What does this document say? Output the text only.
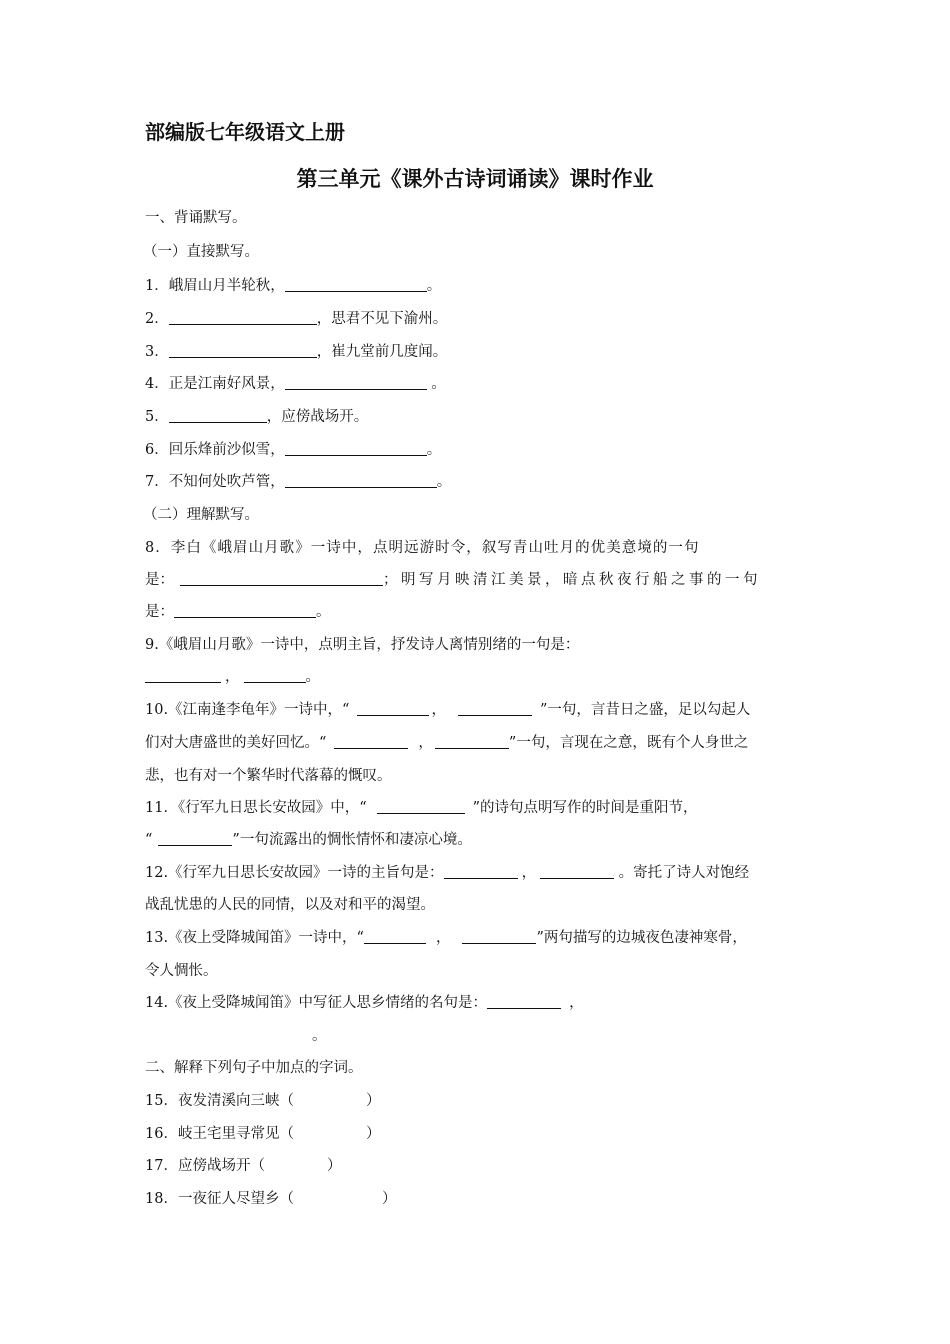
部编版七年级语文上册
第三单元《课外古诗词诵读》课时作业
一、背诵默写。
（一）直接默写。
1．峨眉山月半轮秋，	。
2．	，思君不见下渝州。
3．	，崔九堂前几度闻。
4．正是江南好风景，	。
5．	，应傍战场开。
6．回乐烽前沙似雪，	。
7．不知何处吹芦管，	。
（二）理解默写。
8．李白《峨眉山月歌》一诗中，点明远游时令，叙写青山吐月的优美意境的一句
是：	；明写月映清江美景，暗点秋夜行船之事的一句
是：	。
9.《峨眉山月歌》一诗中，点明主旨，抒发诗人离情别绪的一句是：
，	。
10.《江南逢李龟年》一诗中，“	，	”一句，言昔日之盛，足以勾起人
们对大唐盛世的美好回忆。“	，	”一句，言现在之意，既有个人身世之
悲，也有对一个繁华时代落幕的慨叹。
11．《行军九日思长安故园》中，“	”的诗句点明写作的时间是重阳节，
“	”一句流露出的惆怅情怀和凄凉心境。
12.《行军九日思长安故园》一诗的主旨句是：	，	。寄托了诗人对饱经
战乱忧患的人民的同情，以及对和平的渴望。
13.《夜上受降城闻笛》一诗中，“	，	”两句描写的边城夜色凄神寒骨，
令人惆怅。
14.《夜上受降城闻笛》中写征人思乡情绪的名句是：	，
。
二、解释下列句子中加点的字词。
15．夜发清溪向三峡（	）
16．岐王宅里寻常见（	）
17．应傍战场开（	）
18．一夜征人尽望乡（	）
